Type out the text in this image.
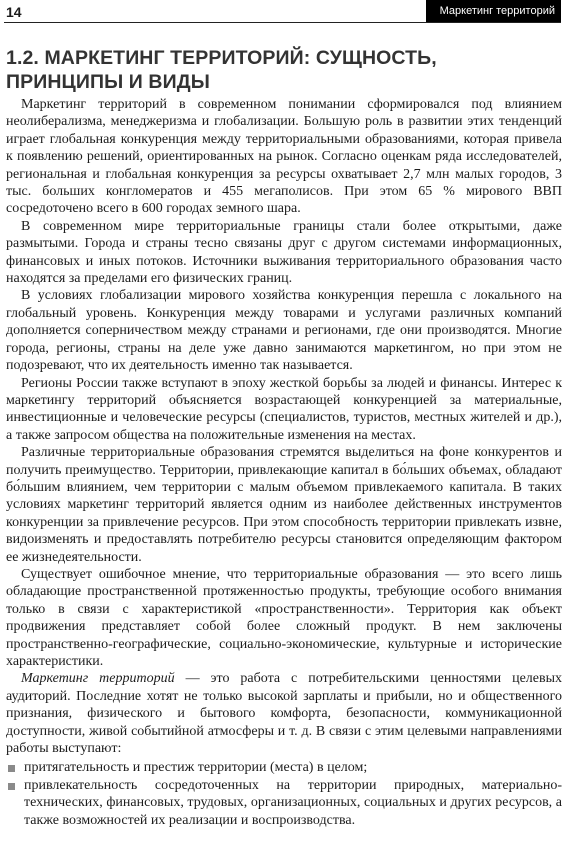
14	Маркетинг территорий
1.2. МАРКЕТИНГ ТЕРРИТОРИЙ: СУЩНОСТЬ,
ПРИНЦИПЫ И ВИДЫ

Маркетинг территорий в современном понимании сформировался под влиянием неолиберализма, менеджеризма и глобализации. Большую роль в развитии этих тенденций играет глобальная конкуренция между территориальными образованиями, которая привела к появлению решений, ориентированных на рынок. Согласно оценкам ряда исследователей, региональная и глобальная конкуренция за ресурсы охватывает 2,7 млн малых городов, 3 тыс. больших конгломератов и 455 мегаполисов. При этом 65 % мирового ВВП сосредоточено всего в 600 городах земного шара.

В современном мире территориальные границы стали более открытыми, даже размытыми. Города и страны тесно связаны друг с другом системами информационных, финансовых и иных потоков. Источники выживания территориального образования часто находятся за пределами его физических границ.

В условиях глобализации мирового хозяйства конкуренция перешла с локального на глобальный уровень. Конкуренция между товарами и услугами различных компаний дополняется соперничеством между странами и регионами, где они производятся. Многие города, регионы, страны на деле уже давно занимаются маркетингом, но при этом не подозревают, что их деятельность именно так называется.

Регионы России также вступают в эпоху жесткой борьбы за людей и финансы. Интерес к маркетингу территорий объясняется возрастающей конкуренцией за материальные, инвестиционные и человеческие ресурсы (специалистов, туристов, местных жителей и др.), а также запросом общества на положительные изменения на местах.

Различные территориальные образования стремятся выделиться на фоне конкурентов и получить преимущество. Территории, привлекающие капитал в бо́льших объемах, обладают бо́льшим влиянием, чем территории с малым объемом привлекаемого капитала. В таких условиях маркетинг территорий является одним из наиболее действенных инструментов конкуренции за привлечение ресурсов. При этом способность территории привлекать извне, видоизменять и предоставлять потребителю ресурсы становится определяющим фактором ее жизнедеятельности.

Существует ошибочное мнение, что территориальные образования — это всего лишь обладающие пространственной протяженностью продукты, требующие особого внимания только в связи с характеристикой «пространственности». Территория как объект продвижения представляет собой более сложный продукт. В нем заключены пространственно-географические, социально-экономические, культурные и исторические характеристики.

Маркетинг территорий — это работа с потребительскими ценностями целевых аудиторий. Последние хотят не только высокой зарплаты и прибыли, но и общественного признания, физического и бытового комфорта, безопасности, коммуникационной доступности, живой событийной атмосферы и т. д. В связи с этим целевыми направлениями работы выступают:

притягательность и престиж территории (места) в целом;
привлекательность сосредоточенных на территории природных, материально-технических, финансовых, трудовых, организационных, социальных и других ресурсов, а также возможностей их реализации и воспроизводства.
